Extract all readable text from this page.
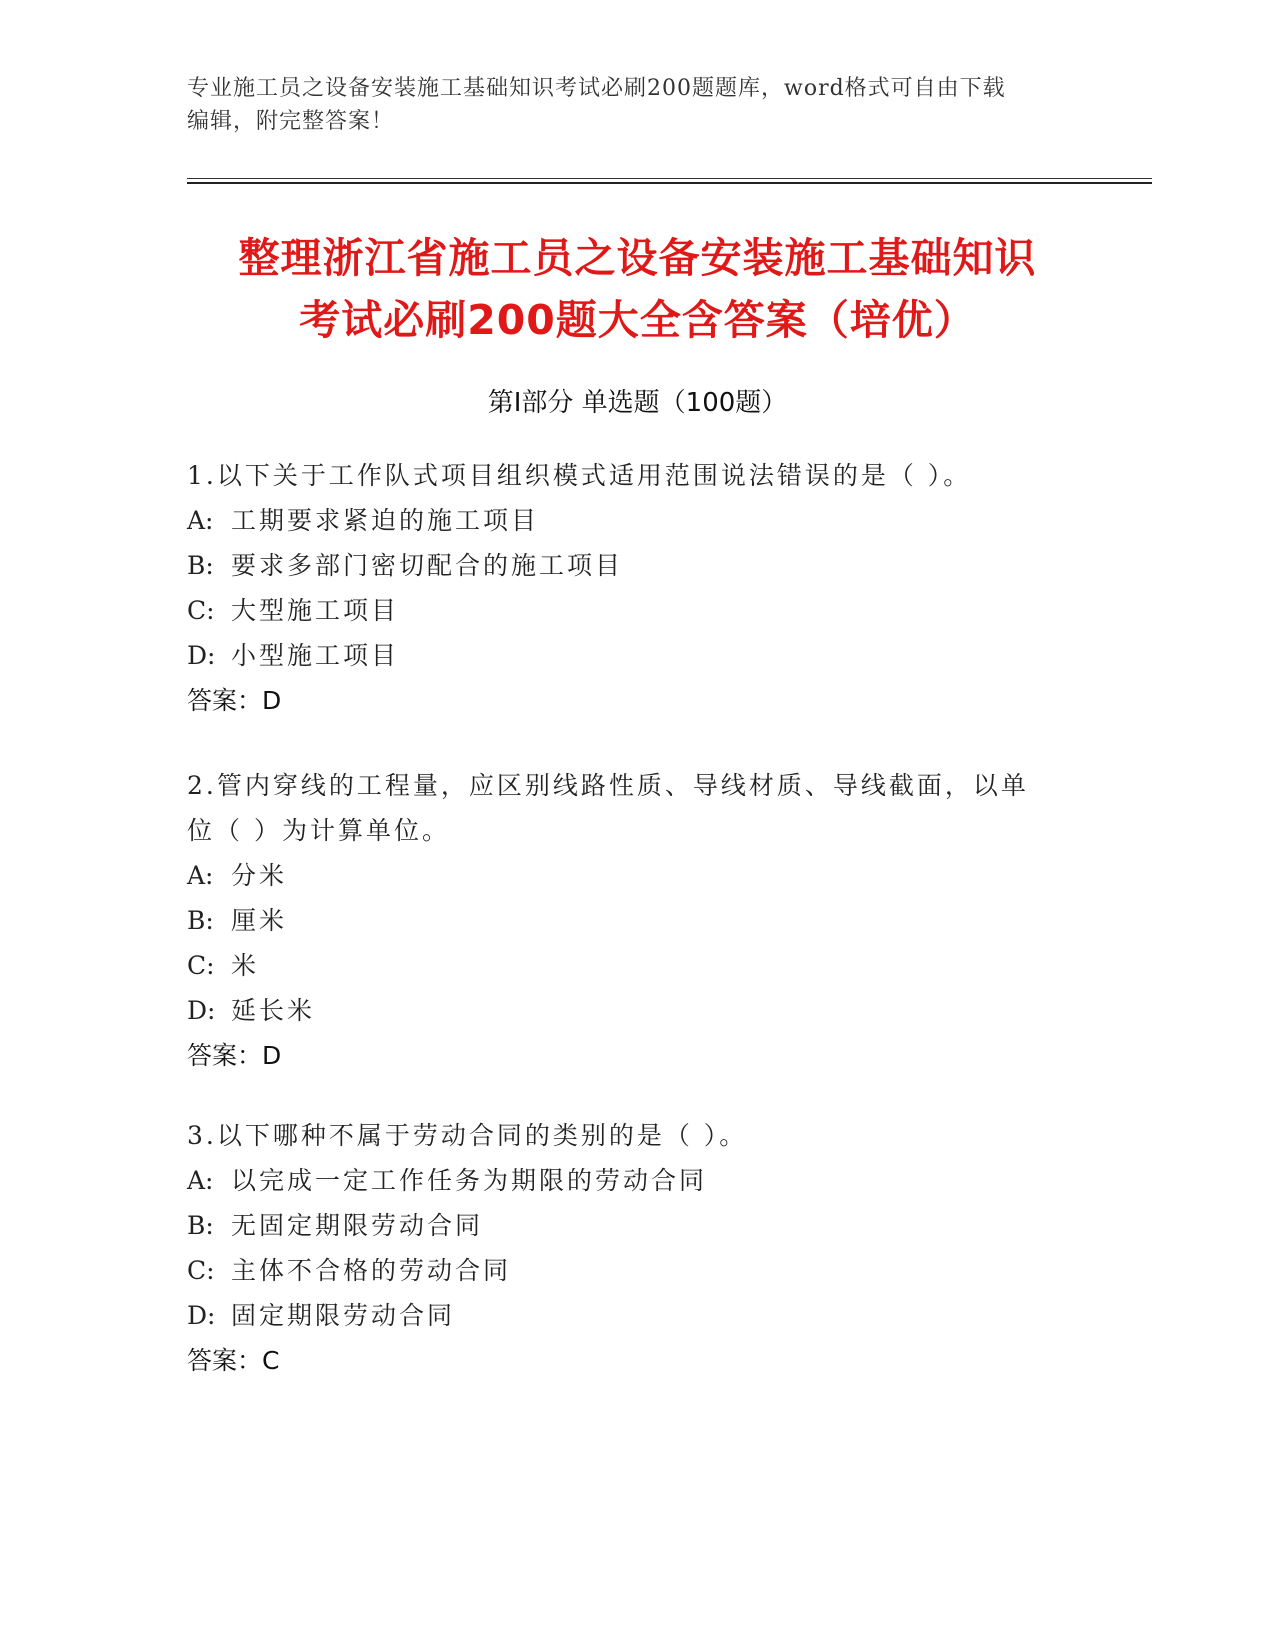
专业施工员之设备安装施工基础知识考试必刷200题题库，word格式可自由下载
编辑，附完整答案！
整理浙江省施工员之设备安装施工基础知识
考试必刷200题大全含答案（培优）
第Ⅰ部分 单选题（100题）

1.以下关于工作队式项目组织模式适用范围说法错误的是（ ）。

A: 工期要求紧迫的施工项目

B: 要求多部门密切配合的施工项目

C: 大型施工项目

D: 小型施工项目

答案：D

2.管内穿线的工程量，应区别线路性质、导线材质、导线截面，以单

位（ ）为计算单位。

A: 分米

B: 厘米

C: 米

D: 延长米

答案：D

3.以下哪种不属于劳动合同的类别的是（ ）。

A: 以完成一定工作任务为期限的劳动合同

B: 无固定期限劳动合同

C: 主体不合格的劳动合同

D: 固定期限劳动合同

答案：C
